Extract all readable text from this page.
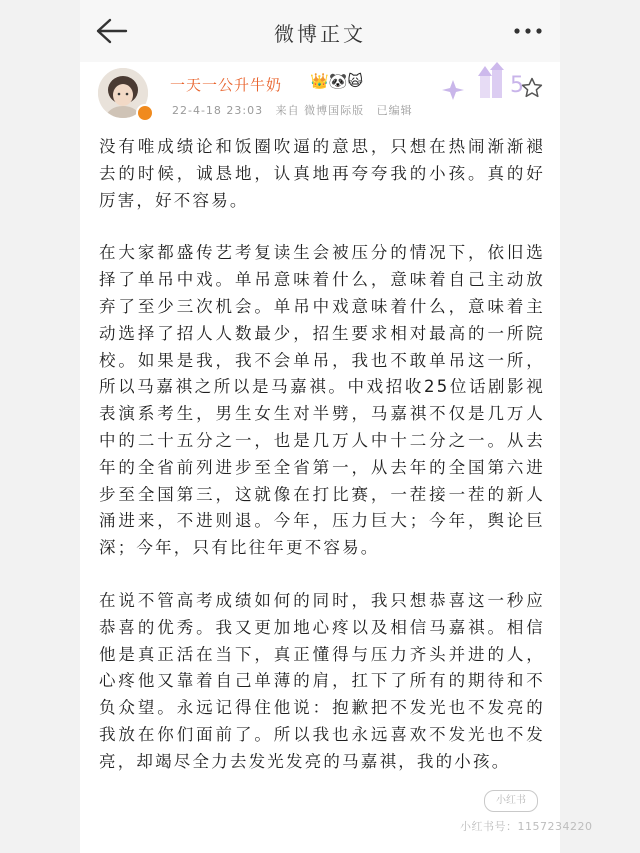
微博正文
一天一公升牛奶 👑🐼🙀
22-4-18 23:03 来自 微博国际版 已编辑
5

没有唯成绩论和饭圈吹逼的意思，只想在热闹渐渐褪去的时候，诚恳地，认真地再夸夸我的小孩。真的好厉害，好不容易。

在大家都盛传艺考复读生会被压分的情况下，依旧选择了单吊中戏。单吊意味着什么，意味着自己主动放弃了至少三次机会。单吊中戏意味着什么，意味着主动选择了招人人数最少，招生要求相对最高的一所院校。如果是我，我不会单吊，我也不敢单吊这一所，所以马嘉祺之所以是马嘉祺。中戏招收25位话剧影视表演系考生，男生女生对半劈，马嘉祺不仅是几万人中的二十五分之一，也是几万人中十二分之一。从去年的全省前列进步至全省第一，从去年的全国第六进步至全国第三，这就像在打比赛，一茬接一茬的新人涌进来，不进则退。今年，压力巨大；今年，舆论巨深；今年，只有比往年更不容易。

在说不管高考成绩如何的同时，我只想恭喜这一秒应恭喜的优秀。我又更加地心疼以及相信马嘉祺。相信他是真正活在当下，真正懂得与压力齐头并进的人，心疼他又靠着自己单薄的肩，扛下了所有的期待和不负众望。永远记得住他说：抱歉把不发光也不发亮的我放在你们面前了。所以我也永远喜欢不发光也不发亮，却竭尽全力去发光发亮的马嘉祺，我的小孩。

小红书
小红书号：1157234220
